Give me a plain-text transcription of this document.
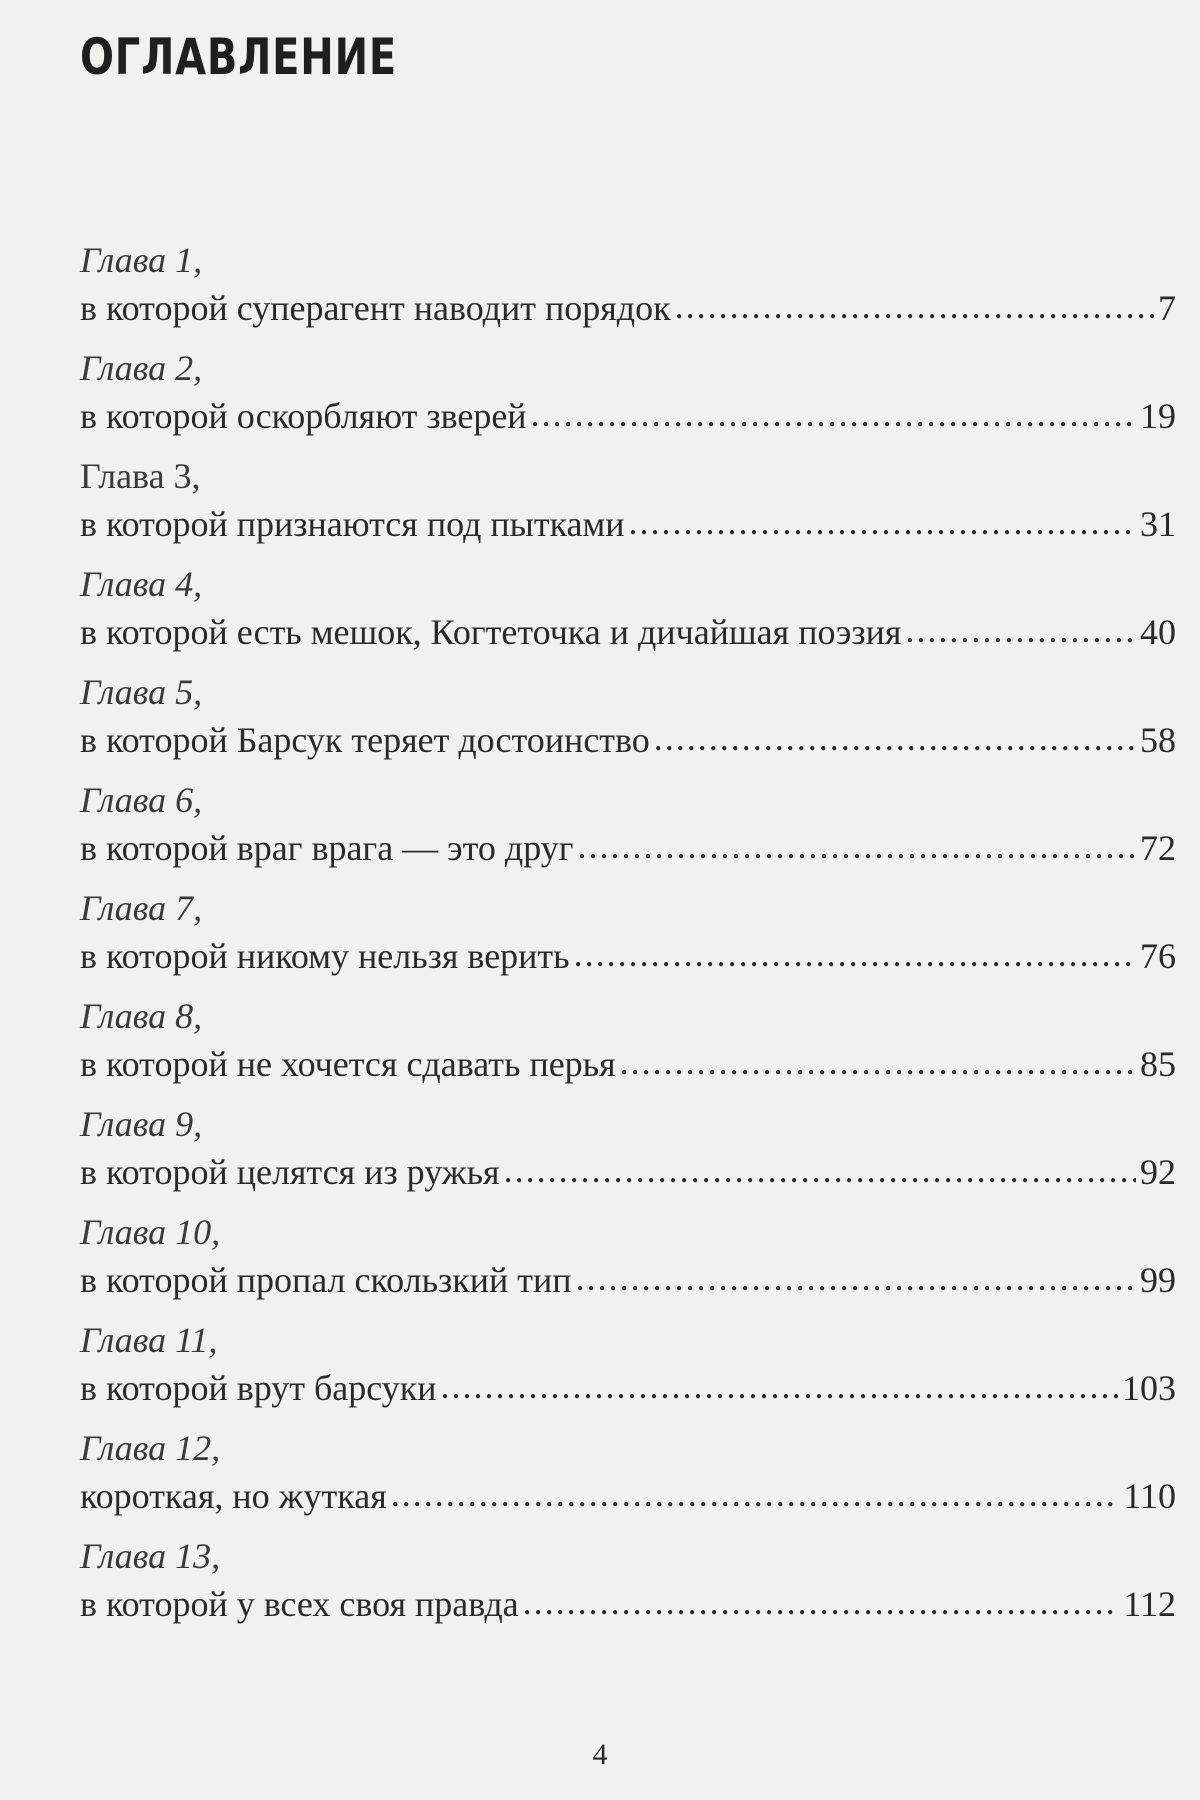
ОГЛАВЛЕНИЕ
Глава 1,
в которой суперагент наводит порядок .....	7
Глава 2,
в которой оскорбляют зверей .....	19
Глава 3,
в которой признаются под пытками .....	31
Глава 4,
в которой есть мешок, Когтеточка и дичайшая поэзия .....	40
Глава 5,
в которой Барсук теряет достоинство .....	58
Глава 6,
в которой враг врага — это друг .....	72
Глава 7,
в которой никому нельзя верить .....	76
Глава 8,
в которой не хочется сдавать перья .....	85
Глава 9,
в которой целятся из ружья .....	92
Глава 10,
в которой пропал скользкий тип .....	99
Глава 11,
в которой врут барсуки .....	103
Глава 12,
короткая, но жуткая .....	110
Глава 13,
в которой у всех своя правда .....	112
4
